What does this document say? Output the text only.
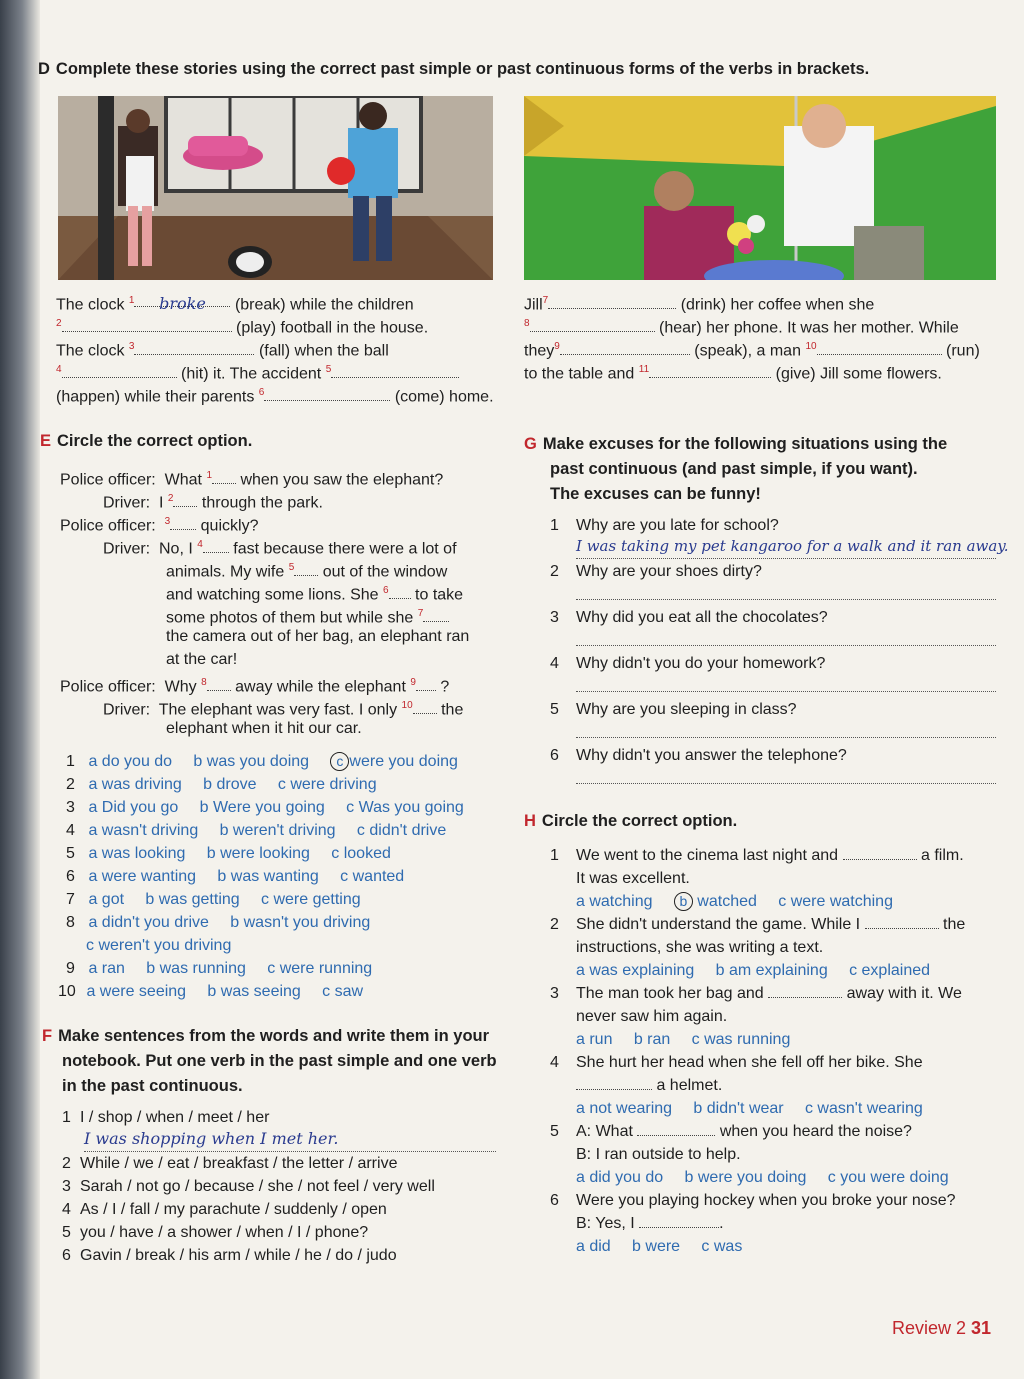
D Complete these stories using the correct past simple or past continuous forms of the verbs in brackets.
The clock $^1$ broke (break) while the children
$^2$	(play) football in the house.
The clock $^3$	(fall) when the ball
$^4$	(hit) it. The accident $^5$
(happen) while their parents $^6$	(come) home.
Jill$^7$	(drink) her coffee when she
$^8$	(hear) her phone. It was her mother. While
they$^9$	(speak), a man $^{10}$	(run)
to the table and $^{11}$	(give) Jill some flowers.
E Circle the correct option.
Police officer: What $^1$ when you saw the elephant?
Driver: I $^2$ through the park.
Police officer: $^3$ quickly?
Driver: No, I $^4$ fast because there were a lot of
animals. My wife $^5$ out of the window
and watching some lions. She $^6$ to take
some photos of them but while she $^7$
the camera out of her bag, an elephant ran
at the car!
Police officer: Why $^8$ away while the elephant $^9$ ?
Driver: The elephant was very fast. I only $^{10}$ the
elephant when it hit our car.
1 a do you do   b was you doing c were you doing
2 a was driving   b drove   c were driving
3 a Did you go   b Were you going   c Was you going
4 a wasn't driving   b weren't driving   c didn't drive
5 a was looking   b were looking   c looked
6 a were wanting   b was wanting   c wanted
7 a got   b was getting   c were getting
8 a didn't you drive   b wasn't you driving
c weren't you driving
9 a ran   b was running   c were running
10 a were seeing   b was seeing   c saw
F Make sentences from the words and write them in your
notebook. Put one verb in the past simple and one verb
in the past continuous.
1 I / shop / when / meet / her
I was shopping when I met her.
2 While / we / eat / breakfast / the letter / arrive
3 Sarah / not go / because / she / not feel / very well
4 As / I / fall / my parachute / suddenly / open
5 you / have / a shower / when / I / phone?
6 Gavin / break / his arm / while / he / do / judo
G Make excuses for the following situations using the
past continuous (and past simple, if you want).
The excuses can be funny!
1 Why are you late for school?
I was taking my pet kangaroo for a walk and it ran away.
2 Why are your shoes dirty?
3 Why did you eat all the chocolates?
4 Why didn't you do your homework?
5 Why are you sleeping in class?
6 Why didn't you answer the telephone?
H Circle the correct option.
1 We went to the cinema last night and	a film.
It was excellent.
a watching b watched   c were watching
2 She didn't understand the game. While I	the
instructions, she was writing a text.
a was explaining   b am explaining   c explained
3 The man took her bag and	away with it. We
never saw him again.
a run   b ran   c was running
4 She hurt her head when she fell off her bike. She
a helmet.
a not wearing   b didn't wear   c wasn't wearing
5 A: What	when you heard the noise?
B: I ran outside to help.
a did you do   b were you doing   c you were doing
6 Were you playing hockey when you broke your nose?
B: Yes, I	.
a did   b were   c was
Review 2 31
